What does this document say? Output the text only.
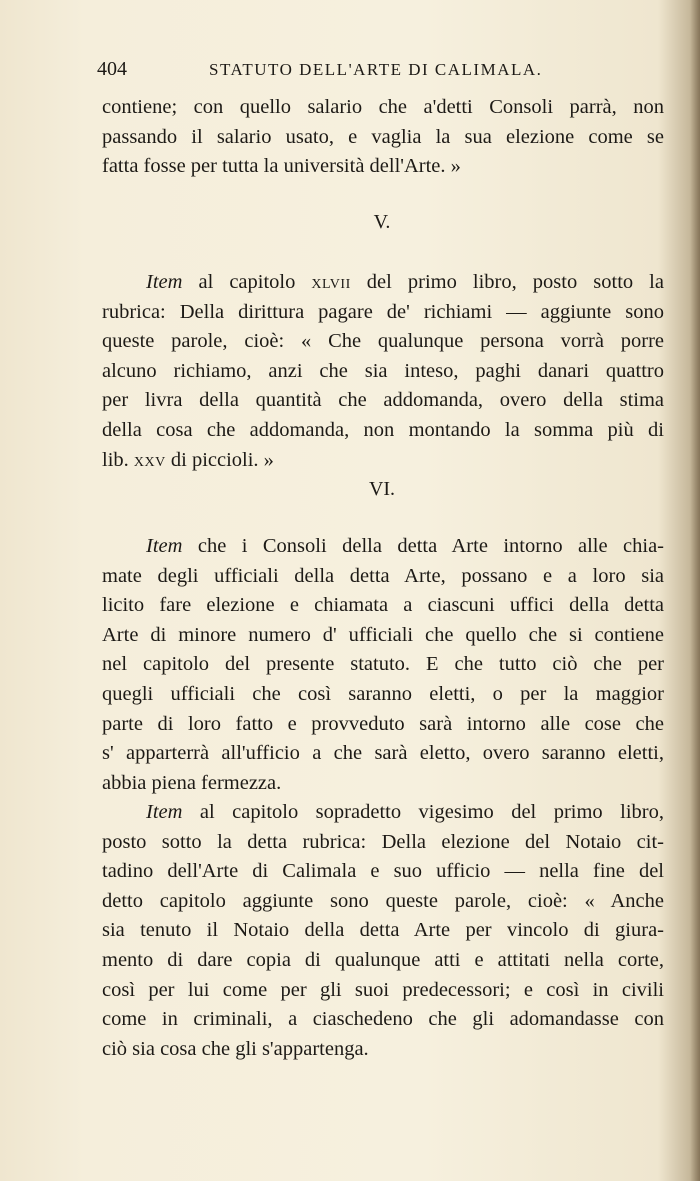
404	STATUTO DELL'ARTE DI CALIMALA.
contiene; con quello salario che a'detti Consoli parrà, non
passando il salario usato, e vaglia la sua elezione come se
fatta fosse per tutta la università dell'Arte. »
V.
Item al capitolo xlvii del primo libro, posto sotto la
rubrica: Della dirittura pagare de' richiami — aggiunte sono
queste parole, cioè: « Che qualunque persona vorrà porre
alcuno richiamo, anzi che sia inteso, paghi danari quattro
per livra della quantità che addomanda, overo della stima
della cosa che addomanda, non montando la somma più di
lib. xxv di piccioli. »
VI.
Item che i Consoli della detta Arte intorno alle chia-
mate degli ufficiali della detta Arte, possano e a loro sia
licito fare elezione e chiamata a ciascuni uffici della detta
Arte di minore numero d' ufficiali che quello che si contiene
nel capitolo del presente statuto. E che tutto ciò che per
quegli ufficiali che così saranno eletti, o per la maggior
parte di loro fatto e provveduto sarà intorno alle cose che
s' apparterrà all'ufficio a che sarà eletto, overo saranno eletti,
abbia piena fermezza.
Item al capitolo sopradetto vigesimo del primo libro,
posto sotto la detta rubrica: Della elezione del Notaio cit-
tadino dell'Arte di Calimala e suo ufficio — nella fine del
detto capitolo aggiunte sono queste parole, cioè: « Anche
sia tenuto il Notaio della detta Arte per vincolo di giura-
mento di dare copia di qualunque atti e attitati nella corte,
così per lui come per gli suoi predecessori; e così in civili
come in criminali, a ciaschedeno che gli adomandasse con
ciò sia cosa che gli s'appartenga.
